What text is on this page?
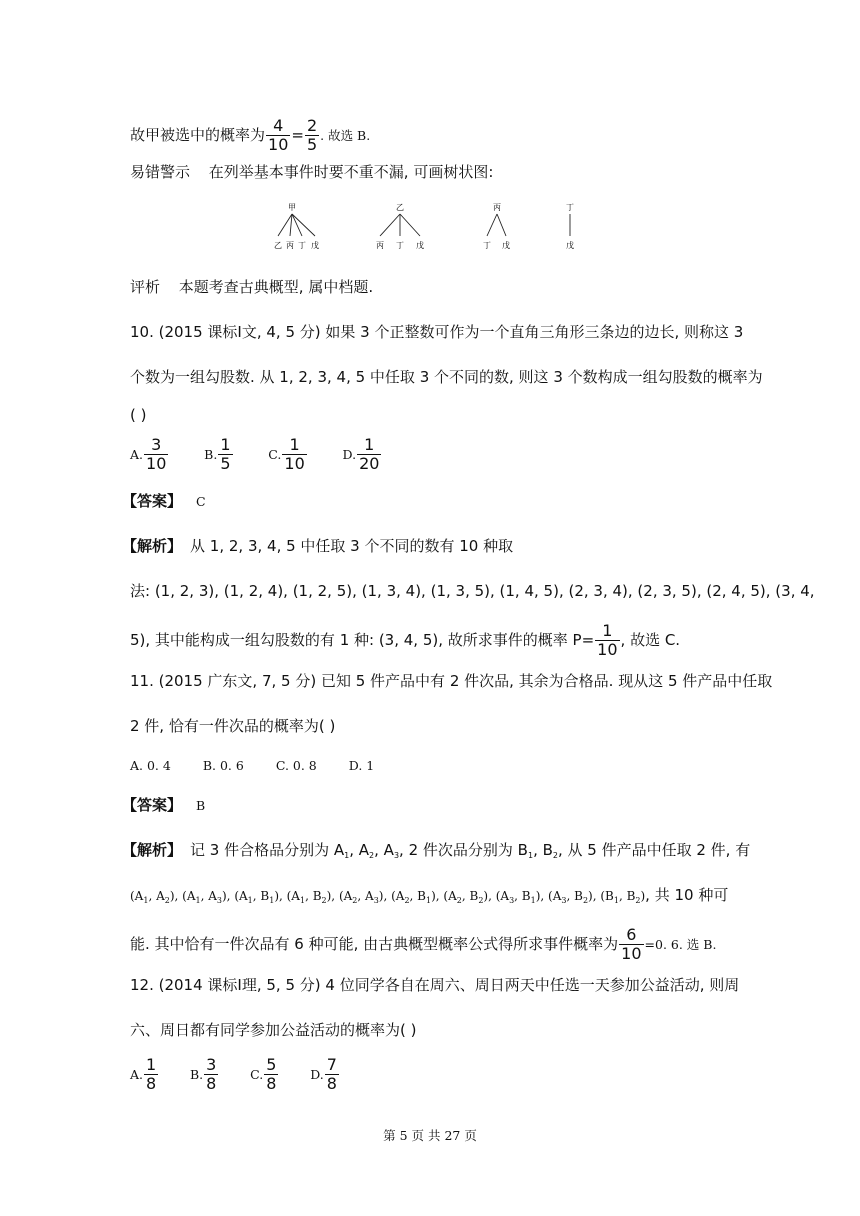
故甲被选中的概率为 $\frac{4}{10} = \frac{2}{5}$ . 故选 B.
易错警示 在列举基本事件时要不重不漏, 可画树状图:
甲
乙 丙 丁 戊
乙
丙 丁 戊
丙
丁 戊
丁
戊
评析 本题考查古典概型, 属中档题.
10. (2015 课标Ⅰ文, 4, 5 分) 如果 3 个正整数可作为一个直角三角形三条边的边长, 则称这 3
个数为一组勾股数. 从 1, 2, 3, 4, 5 中任取 3 个不同的数, 则这 3 个数构成一组勾股数的概率为
( )
A. $\frac{3}{10}$	B. $\frac{1}{5}$	C. $\frac{1}{10}$	D. $\frac{1}{20}$
【答案】 C
【解析】 从 1, 2, 3, 4, 5 中任取 3 个不同的数有 10 种取
法: (1, 2, 3), (1, 2, 4), (1, 2, 5), (1, 3, 4), (1, 3, 5), (1, 4, 5), (2, 3, 4), (2, 3, 5), (2, 4, 5), (3, 4,
5), 其中能构成一组勾股数的有 1 种: (3, 4, 5), 故所求事件的概率 $P= \frac{1}{10}$ , 故选 C.
11. (2015 广东文, 7, 5 分) 已知 5 件产品中有 2 件次品, 其余为合格品. 现从这 5 件产品中任取
2 件, 恰有一件次品的概率为( )
A. 0. 4	B. 0. 6	C. 0. 8	D. 1
【答案】 B
【解析】 记 3 件合格品分别为 $A_1$, $A_2$, $A_3$, 2 件次品分别为 $B_1$, $B_2$, 从 5 件产品中任取 2 件, 有
($A_1$, $A_2$), ($A_1$, $A_3$), ($A_1$, $B_1$), ($A_1$, $B_2$), ($A_2$, $A_3$), ($A_2$, $B_1$), ($A_2$, $B_2$), ($A_3$, $B_1$), ($A_3$, $B_2$), ($B_1$, $B_2$), 共 10 种可
能. 其中恰有一件次品有 6 种可能, 由古典概型概率公式得所求事件概率为 $\frac{6}{10} =0$. 6. 选 B.
12. (2014 课标Ⅰ理, 5, 5 分) 4 位同学各自在周六、周日两天中任选一天参加公益活动, 则周
六、周日都有同学参加公益活动的概率为( )
A. $\frac{1}{8}$	B. $\frac{3}{8}$	C. $\frac{5}{8}$	D. $\frac{7}{8}$
第 5 页 共 27 页
